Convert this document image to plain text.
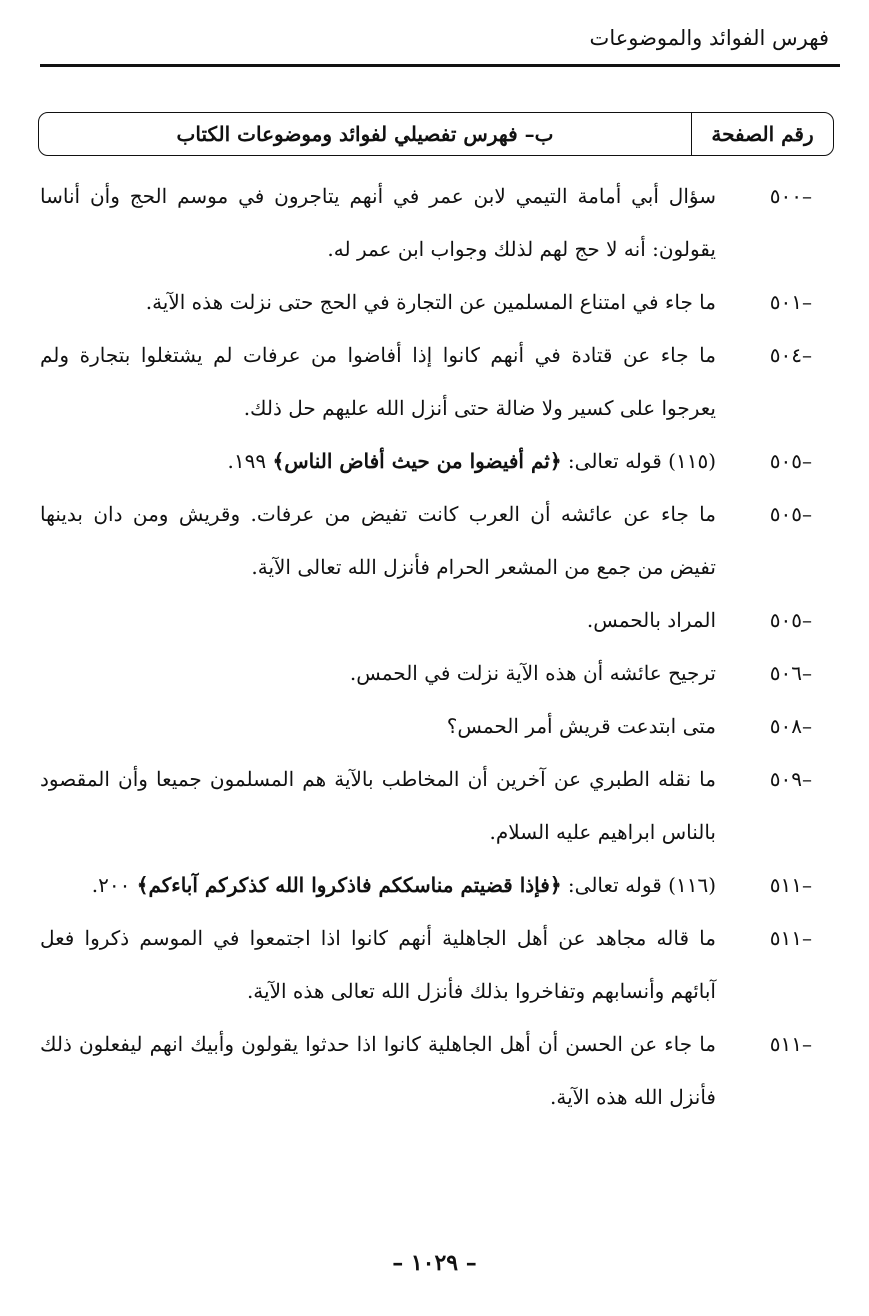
فهرس الفوائد والموضوعات
رقم الصفحة
ب– فهرس تفصيلي لفوائد وموضوعات الكتاب
–٥٠٠
سؤال أبي أمامة التيمي لابن عمر في أنهم يتاجرون في موسم الحج وأن أناسا يقولون: أنه لا حج لهم لذلك وجواب ابن عمر له.
–٥٠١
ما جاء في امتناع المسلمين عن التجارة في الحج حتى نزلت هذه الآية.
–٥٠٤
ما جاء عن قتادة في أنهم كانوا إذا أفاضوا من عرفات لم يشتغلوا بتجارة ولم يعرجوا على كسير ولا ضالة حتى أنزل الله عليهم حل ذلك.
–٥٠٥
(١١٥) قوله تعالى: ﴿ثم أفيضوا من حيث أفاض الناس﴾ ١٩٩.
–٥٠٥
ما جاء عن عائشه أن العرب كانت تفيض من عرفات. وقريش ومن دان بدينها تفيض من جمع من المشعر الحرام فأنزل الله تعالى الآية.
–٥٠٥
المراد بالحمس.
–٥٠٦
ترجيح عائشه أن هذه الآية نزلت في الحمس.
–٥٠٨
متى ابتدعت قريش أمر الحمس؟
–٥٠٩
ما نقله الطبري عن آخرين أن المخاطب بالآية هم المسلمون جميعا وأن المقصود بالناس ابراهيم عليه السلام.
–٥١١
(١١٦) قوله تعالى: ﴿فإذا قضيتم مناسككم فاذكروا الله كذكركم آباءكم﴾ ٢٠٠.
–٥١١
ما قاله مجاهد عن أهل الجاهلية أنهم كانوا اذا اجتمعوا في الموسم ذكروا فعل آبائهم وأنسابهم وتفاخروا بذلك فأنزل الله تعالى هذه الآية.
–٥١١
ما جاء عن الحسن أن أهل الجاهلية كانوا اذا حدثوا يقولون وأبيك انهم ليفعلون ذلك فأنزل الله هذه الآية.
– ١٠٢٩ –
